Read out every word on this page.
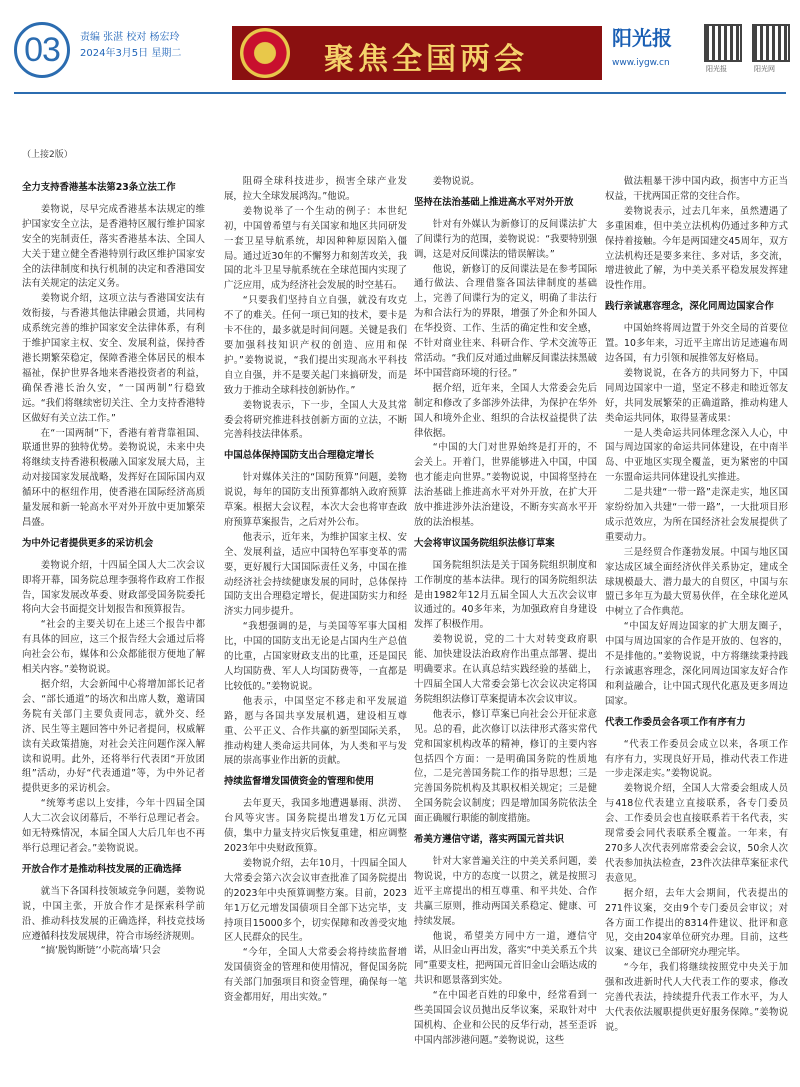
03	责编 张湛 校对 杨宏玲
2024年3月5日 星期二	聚焦全国两会
阳光报
www.iygw.cn
阳光报	阳光网
（上接2版）
全力支持香港基本法第23条立法工作

姜物说，尽早完成香港基本法规定的维护国家安全立法，是香港特区履行维护国家安全的宪制责任，落实香港基本法、全国人大关于建立健全香港特别行政区维护国家安全的法律制度和执行机制的决定和香港国安法有关规定的法定义务。

姜物说介绍，这项立法与香港国安法有效衔接，与香港其他法律融会贯通，共同构成系统完善的维护国家安全法律体系，有利于维护国家主权、安全、发展利益，保持香港长期繁荣稳定，保障香港全体居民的根本福祉，保护世界各地来香港投资者的利益，确保香港长治久安，“一国两制”行稳致远。“我们将继续密切关注、全力支持香港特区做好有关立法工作。”

在“一国两制”下，香港有着背靠祖国、联通世界的独特优势。姜物说说，未来中央将继续支持香港积极融入国家发展大局，主动对接国家发展战略，发挥好在国际国内双循环中的枢纽作用，使香港在国际经济高质量发展和新一轮高水平对外开放中更加繁荣昌盛。

为中外记者提供更多的采访机会

姜物说介绍，十四届全国人大二次会议即将开幕，国务院总理李强将作政府工作报告，国家发展改革委、财政部受国务院委托将向大会书面提交计划报告和预算报告。

“社会的主要关切在上述三个报告中都有具体的回应，这三个报告经大会通过后将向社会公布，媒体和公众都能很方便地了解相关内容。”姜物说说。

据介绍，大会新闻中心将增加部长记者会、“部长通道”的场次和出席人数，邀请国务院有关部门主要负责同志，就外交、经济、民生等主题回答中外记者提问，权威解读有关政策措施，对社会关注问题作深入解读和说明。此外，还将举行代表团“开放团组”活动，办好“代表通道”等，为中外记者提供更多的采访机会。

“统筹考虑以上安排，今年十四届全国人大二次会议闭幕后，不举行总理记者会。如无特殊情况，本届全国人大后几年也不再举行总理记者会。”姜物说说。

开放合作才是推动科技发展的正确选择

就当下各国科技领域竞争问题，姜物说说，中国主张，开放合作才是探索科学前沿、推动科技发展的正确选择，科技竞技场应遵循科技发展规律，符合市场经济规则。

“搞‘脱钩断链’‘小院高墙’只会

阻碍全球科技进步，损害全球产业发展，拉大全球发展鸿沟。”他说。

姜物说举了一个生动的例子：本世纪初，中国曾希望与有关国家和地区共同研发一套卫星导航系统，却因种种原因陷入僵局。通过近30年的不懈努力和刻苦攻关，我国的北斗卫星导航系统在全球范围内实现了广泛应用，成为经济社会发展的时空基石。

“只要我们坚持自立自强，就没有攻克不了的难关。任何一项已知的技术，要卡是卡不住的，最多就是时间问题。关键是我们要加强科技知识产权的创造、应用和保护。”姜物说说，“我们提出实现高水平科技自立自强，并不是要关起门来搞研发，而是致力于推动全球科技创新协作。”

姜物说表示，下一步，全国人大及其常委会将研究推进科技创新方面的立法，不断完善科技法律体系。

中国总体保持国防支出合理稳定增长

针对媒体关注的“国防预算”问题，姜物说说，每年的国防支出预算都纳入政府预算草案。根据大会议程，本次大会也将审查政府预算草案报告，之后对外公布。

他表示，近年来，为维护国家主权、安全、发展利益，适应中国特色军事变革的需要，更好履行大国国际责任义务，中国在推动经济社会持续健康发展的同时，总体保持国防支出合理稳定增长，促进国防实力和经济实力同步提升。

“我想强调的是，与美国等军事大国相比，中国的国防支出无论是占国内生产总值的比重，占国家财政支出的比重，还是国民人均国防费、军人人均国防费等，一直都是比较低的。”姜物说说。

他表示，中国坚定不移走和平发展道路，愿与各国共享发展机遇，建设相互尊重、公平正义、合作共赢的新型国际关系，推动构建人类命运共同体，为人类和平与发展的崇高事业作出新的贡献。

持续监督增发国债资金的管理和使用

去年夏天，我国多地遭遇暴雨、洪涝、台风等灾害。国务院提出增发1万亿元国债，集中力量支持灾后恢复重建，相应调整2023年中央财政预算。

姜物说介绍，去年10月，十四届全国人大常委会第六次会议审查批准了国务院提出的2023年中央预算调整方案。目前，2023年1万亿元增发国债项目全部下达完毕，支持项目15000多个，切实保障和改善受灾地区人民群众的民生。

“今年，全国人大常委会将持续监督增发国债资金的管理和使用情况，督促国务院有关部门加强项目和资金管理，确保每一笔资金都用好，用出实效。”

姜物说说。

坚持在法治基础上推进高水平对外开放

针对有外媒认为新修订的反间谍法扩大了间谍行为的范围，姜物说说：“我要特别强调，这是对反间谍法的错误解读。”

他说，新修订的反间谍法是在参考国际通行做法、合理借鉴各国法律制度的基础上，完善了间谍行为的定义，明确了非法行为和合法行为的界限，增强了外企和外国人在华投资、工作、生活的确定性和安全感，不针对商业往来、科研合作、学术交流等正常活动。“我们反对通过曲解反间谍法抹黑破坏中国营商环境的行径。”

据介绍，近年来，全国人大常委会先后制定和修改了多部涉外法律，为保护在华外国人和境外企业、组织的合法权益提供了法律依据。

“中国的大门对世界始终是打开的，不会关上。开着门，世界能够进入中国，中国也才能走向世界。”姜物说说，中国将坚持在法治基础上推进高水平对外开放，在扩大开放中推进涉外法治建设，不断夯实高水平开放的法治根基。

大会将审议国务院组织法修订草案

国务院组织法是关于国务院组织制度和工作制度的基本法律。现行的国务院组织法是由1982年12月五届全国人大五次会议审议通过的。40多年来，为加强政府自身建设发挥了积极作用。

姜物说说，党的二十大对转变政府职能、加快建设法治政府作出重点部署、提出明确要求。在认真总结实践经验的基础上，十四届全国人大常委会第七次会议决定将国务院组织法修订草案提请本次会议审议。

他表示，修订草案已向社会公开征求意见。总的看，此次修订以法律形式落实常代党和国家机构改革的精神，修订的主要内容包括四个方面：一是明确国务院的性质地位，二是完善国务院工作的指导思想；三是完善国务院机构及其职权相关规定；三是健全国务院会议制度；四是增加国务院依法全面正确履行职能的制度措施。

希美方遵信守诺，落实两国元首共识

针对大家普遍关注的中美关系问题，姜物说说，中方的态度一以贯之，就是按照习近平主席提出的相互尊重、和平共处、合作共赢三原则，推动两国关系稳定、健康、可持续发展。

他说，希望美方同中方一道，遵信守诺，从旧金山再出发，落实“中美关系五个共同”重要支柱，把两国元首旧金山会晤达成的共识和愿景落到实处。

“在中国老百姓的印象中，经常看到一些美国国会议员抛出反华议案，采取针对中国机构、企业和公民的反华行动，甚至歪诉中国内部涉港问题。”姜物说说，这些

做法粗暴干涉中国内政，损害中方正当权益，干扰两国正常的交往合作。

姜物说表示，过去几年来，虽然遭遇了多重困难，但中美立法机构仍通过多种方式保持着接触。今年是两国建交45周年，双方立法机构还是要多来往、多对话，多交流，增进彼此了解，为中美关系平稳发展发挥建设性作用。

践行亲诚惠容理念，深化同周边国家合作

中国始终将周边置于外交全局的首要位置。10多年来，习近平主席出访足迹遍布周边各国，有力引领和展推邻友好格局。

姜物说说，在各方的共同努力下，中国同周边国家中一道，坚定不移走和睦近邻友好，共同发展繁荣的正确道路，推动构建人类命运共同体，取得显著成果：

一是人类命运共同体理念深入人心，中国与周边国家的命运共同体建设，在中南半岛、中亚地区实现全覆盖，更为紧密的中国一东盟命运共同体建设扎实推进。

二是共建“一带一路”走深走实，地区国家纷纷加入共建“一带一路”，一大批项目形成示范效应，为所在国经济社会发展提供了重要动力。

三是经贸合作蓬勃发展。中国与地区国家达成区域全面经济伙伴关系协定，建成全球规模最大、潜力最大的自贸区，中国与东盟已多年互为最大贸易伙伴，在全球化逆风中树立了合作典范。

“中国友好周边国家的扩大朋友圈子，中国与周边国家的合作是开放的、包容的，不是排他的。”姜物说说，中方将继续秉持践行亲诚惠容理念，深化同周边国家友好合作和利益融合，让中国式现代化惠及更多周边国家。

代表工作委员会各项工作有序有力

“代表工作委员会成立以来，各项工作有序有力，实现良好开局，推动代表工作进一步走深走实。”姜物说说。

姜物说介绍，全国人大常委会组成人员与418位代表建立直接联系，各专门委员会、工作委员会也直接联系若干名代表，实现常委会同代表联系全覆盖。一年来，有270多人次代表列席常委会会议，50余人次代表参加执法检查，23件次法律草案征求代表意见。

据介绍，去年大会期间，代表提出的271件议案，交由9个专门委员会审议；对各方面工作提出的8314件建议、批评和意见，交由204家单位研究办理。目前，这些议案、建议已全部研究办理完毕。

“今年，我们将继续按照党中央关于加强和改进新时代人大代表工作的要求，修改完善代表法，持续提升代表工作水平，为人大代表依法履职提供更好服务保障。”姜物说说。
